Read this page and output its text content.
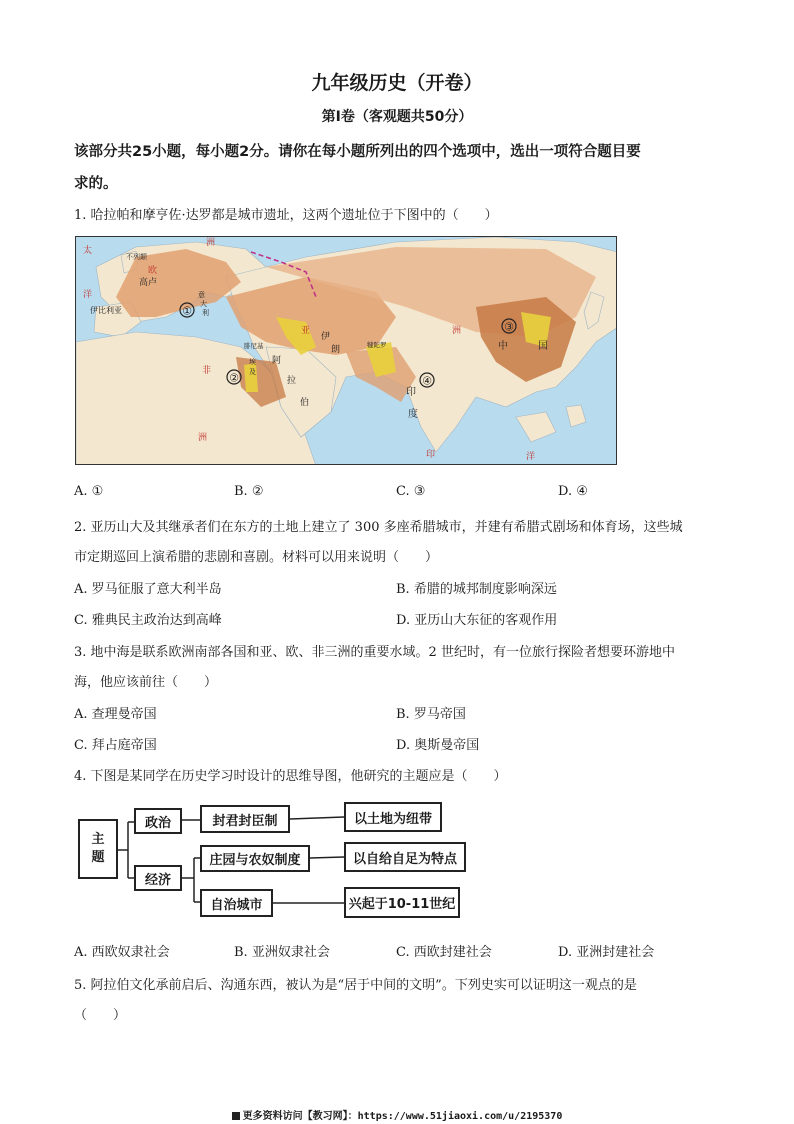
九年级历史（开卷）
第Ⅰ卷（客观题共50分）
该部分共25小题，每小题2分。请你在每小题所列出的四个选项中，选出一项符合题目要
求的。
1. 哈拉帕和摩亨佐·达罗都是城市遗址，这两个遗址位于下图中的（　　）
①
②
③
④
不列颠
欧
高卢
伊比利亚
意
大
利
洲
腓尼基
亚
伊
朗	犍陀罗
阿
拉
伯
埃
及
非
洲
印
度
中	国
洲
印	洋
太
洋
A. ①	B. ②	C. ③	D. ④
2. 亚历山大及其继承者们在东方的土地上建立了 300 多座希腊城市，并建有希腊式剧场和体育场，这些城
市定期巡回上演希腊的悲剧和喜剧。材料可以用来说明（　　）
A. 罗马征服了意大利半岛	B. 希腊的城邦制度影响深远
C. 雅典民主政治达到高峰	D. 亚历山大东征的客观作用
3. 地中海是联系欧洲南部各国和亚、欧、非三洲的重要水域。2 世纪时，有一位旅行探险者想要环游地中
海，他应该前往（　　）
A. 查理曼帝国	B. 罗马帝国
C. 拜占庭帝国	D. 奥斯曼帝国
4. 下图是某同学在历史学习时设计的思维导图，他研究的主题应是（　　）
主题
政治
经济
封君封臣制	以土地为纽带
庄园与农奴制度	以自给自足为特点
自治城市	兴起于10-11世纪
A. 西欧奴隶社会	B. 亚洲奴隶社会	C. 西欧封建社会	D. 亚洲封建社会
5. 阿拉伯文化承前启后、沟通东西，被认为是“居于中间的文明”。下列史实可以证明这一观点的是
（　　）
更多资料访问【教习网】：https://www.51jiaoxi.com/u/2195370
